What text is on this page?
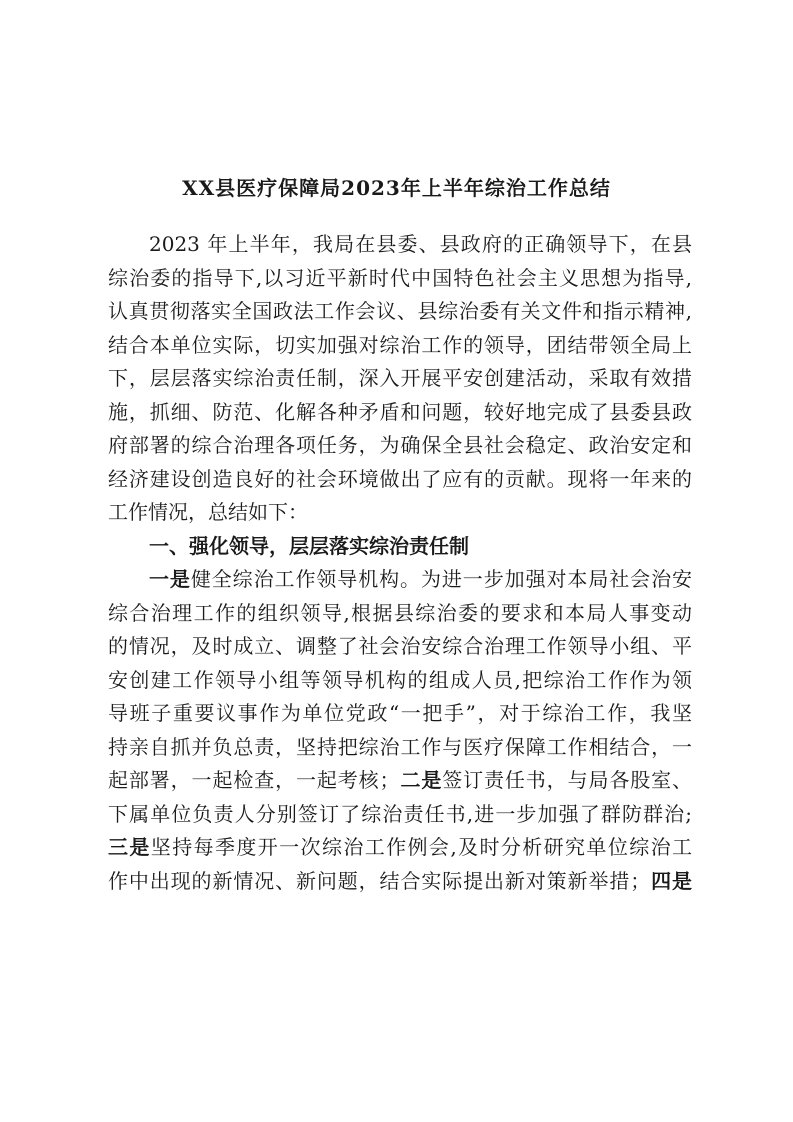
XX县医疗保障局2023年上半年综治工作总结
2023 年上半年，我局在县委、县政府的正确领导下，在县
综治委的指导下,以习近平新时代中国特色社会主义思想为指导,
认真贯彻落实全国政法工作会议、县综治委有关文件和指示精神,
结合本单位实际，切实加强对综治工作的领导，团结带领全局上
下，层层落实综治责任制，深入开展平安创建活动，采取有效措
施，抓细、防范、化解各种矛盾和问题，较好地完成了县委县政
府部署的综合治理各项任务，为确保全县社会稳定、政治安定和
经济建设创造良好的社会环境做出了应有的贡献。现将一年来的
工作情况，总结如下：
一、强化领导，层层落实综治责任制
一是健全综治工作领导机构。为进一步加强对本局社会治安
综合治理工作的组织领导,根据县综治委的要求和本局人事变动
的情况，及时成立、调整了社会治安综合治理工作领导小组、平
安创建工作领导小组等领导机构的组成人员,把综治工作作为领
导班子重要议事作为单位党政“一把手”，对于综治工作，我坚
持亲自抓并负总责，坚持把综治工作与医疗保障工作相结合，一
起部署，一起检查，一起考核；二是签订责任书，与局各股室、
下属单位负责人分别签订了综治责任书,进一步加强了群防群治;
三是坚持每季度开一次综治工作例会,及时分析研究单位综治工
作中出现的新情况、新问题，结合实际提出新对策新举措；四是
